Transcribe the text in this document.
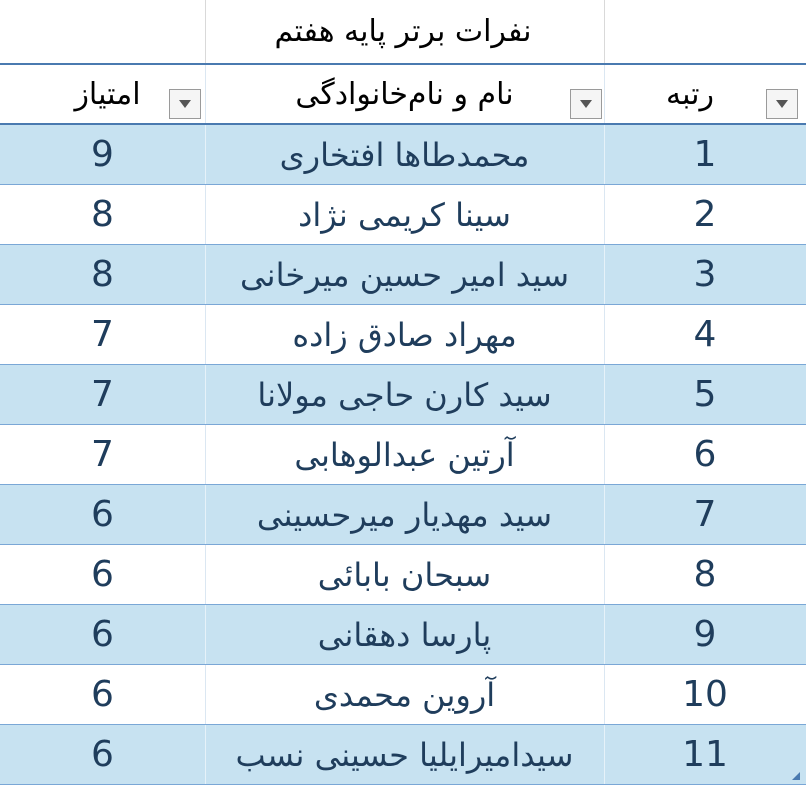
نفرات برتر پایه هفتم
امتیاز	نام و نام‌خانوادگی	رتبه
9	محمدطاها افتخاری	1
8	سینا کریمی نژاد	2
8	سید امیر حسین میرخانی	3
7	مهراد صادق زاده	4
7	سید کارن حاجی مولانا	5
7	آرتین عبدالوهابی	6
6	سید مهدیار میرحسینی	7
6	سبحان بابائی	8
6	پارسا دهقانی	9
6	آروین محمدی	10
6	سیدامیرایلیا حسینی نسب	11
